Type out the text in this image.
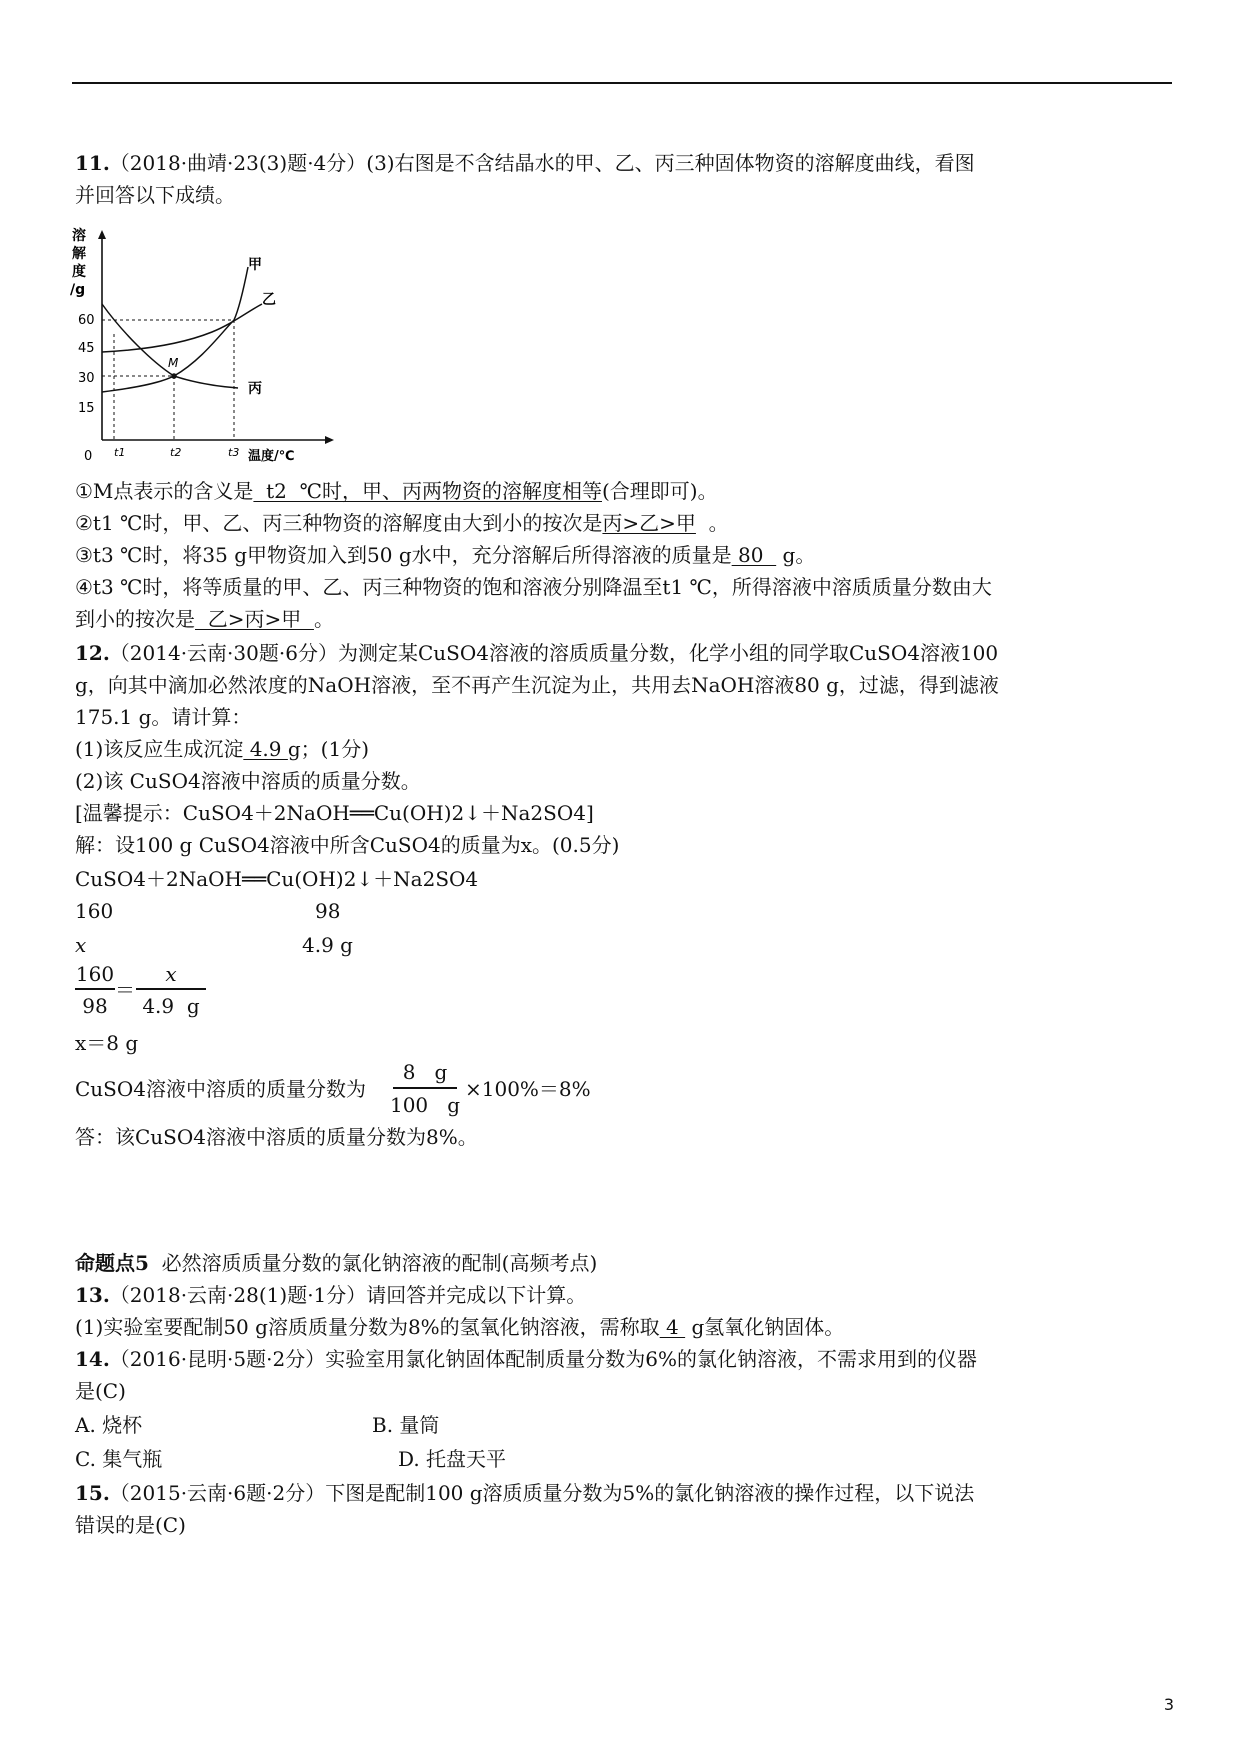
11.（2018·曲靖·23(3)题·4分）(3)右图是不含结晶水的甲、乙、丙三种固体物资的溶解度曲线，看图
并回答以下成绩。
溶
解
度
/g
60
45
30
15
0 t1	t2	t3 温度/℃
M
甲
乙
丙
①M点表示的含义是  t2  ℃时，甲、丙两物资的溶解度相等(合理即可)。
②t1 ℃时，甲、乙、丙三种物资的溶解度由大到小的按次是丙>乙>甲  。
③t3 ℃时，将35 g甲物资加入到50 g水中，充分溶解后所得溶液的质量是 80   g。
④t3 ℃时，将等质量的甲、乙、丙三种物资的饱和溶液分别降温至t1 ℃，所得溶液中溶质质量分数由大
到小的按次是  乙>丙>甲  。
12.（2014·云南·30题·6分）为测定某CuSO4溶液的溶质质量分数，化学小组的同学取CuSO4溶液100
g，向其中滴加必然浓度的NaOH溶液，至不再产生沉淀为止，共用去NaOH溶液80 g，过滤，得到滤液
175.1 g。请计算：
(1)该反应生成沉淀 4.9 g；(1分)
(2)该 CuSO4溶液中溶质的质量分数。
[温馨提示：CuSO4＋2NaOH══Cu(OH)2↓＋Na2SO4]
解：设100 g CuSO4溶液中所含CuSO4的质量为x。(0.5分)
CuSO4＋2NaOH══Cu(OH)2↓＋Na2SO4
160	98
x	4.9 g
160
98
＝
x
4.9  g
x＝8 g
CuSO4溶液中溶质的质量分数为
8   g
100   g
×100%＝8%
答：该CuSO4溶液中溶质的质量分数为8%。
命题点5  必然溶质质量分数的氯化钠溶液的配制(高频考点)
13.（2018·云南·28(1)题·1分）请回答并完成以下计算。
(1)实验室要配制50 g溶质质量分数为8%的氢氧化钠溶液，需称取 4  g氢氧化钠固体。
14.（2016·昆明·5题·2分）实验室用氯化钠固体配制质量分数为6%的氯化钠溶液，不需求用到的仪器
是(C)
A. 烧杯	B. 量筒
C. 集气瓶	D. 托盘天平
15.（2015·云南·6题·2分）下图是配制100 g溶质质量分数为5%的氯化钠溶液的操作过程，以下说法
错误的是(C)
3
